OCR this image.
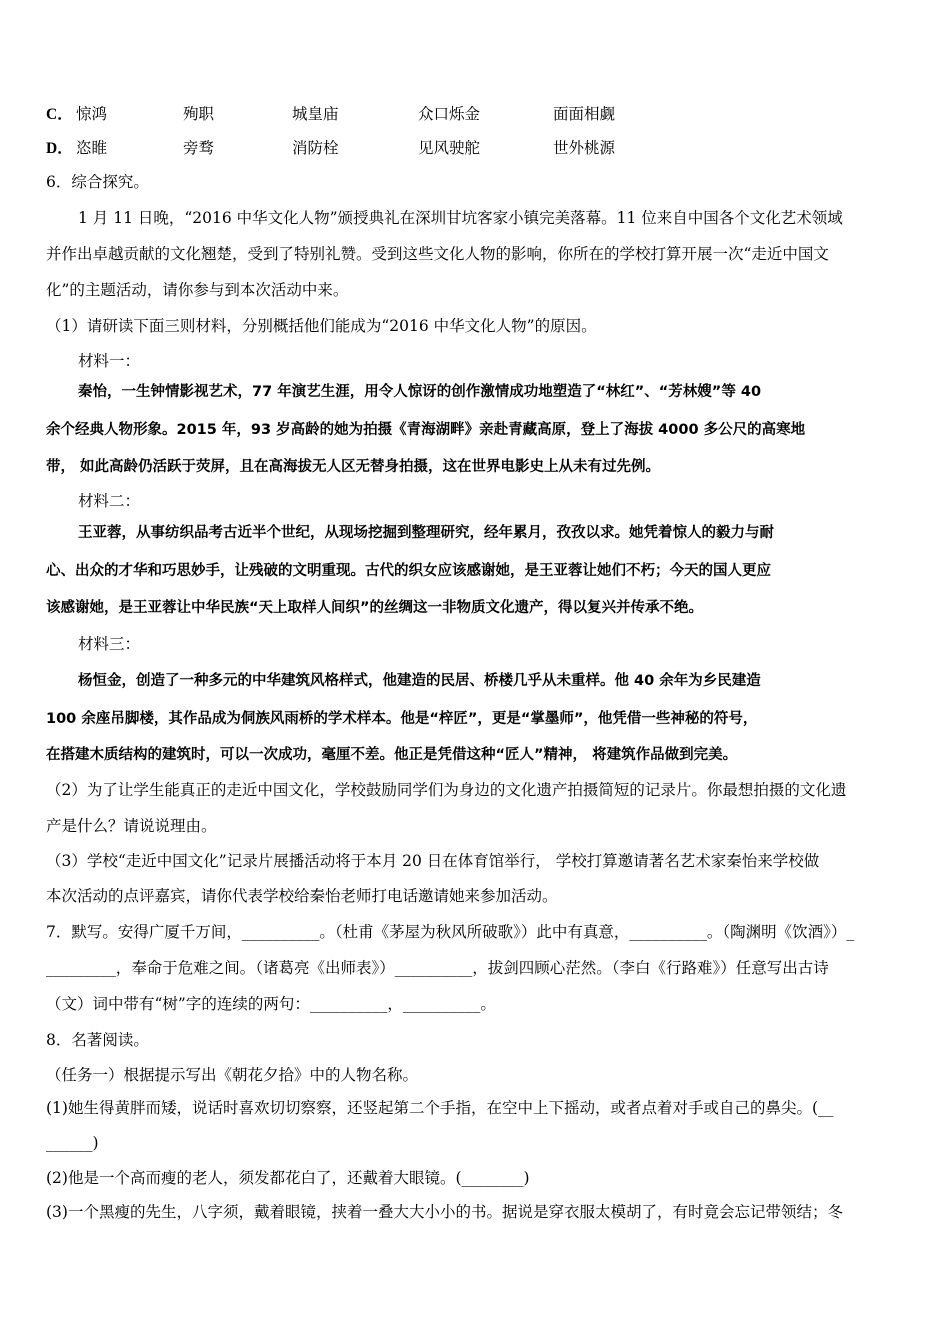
C． 惊鸿	殉职	城皇庙	众口烁金	面面相觑
D． 恣睢	旁骛	消防栓	见风驶舵	世外桃源
6．综合探究。
1 月 11 日晚，“2016 中华文化人物”颁授典礼在深圳甘坑客家小镇完美落幕。11 位来自中国各个文化艺术领域
并作出卓越贡献的文化翘楚，受到了特别礼赞。受到这些文化人物的影响，你所在的学校打算开展一次“走近中国文
化”的主题活动，请你参与到本次活动中来。
（1）请研读下面三则材料，分别概括他们能成为“2016 中华文化人物”的原因。
材料一：
秦怡，一生钟情影视艺术，77 年演艺生涯，用令人惊讶的创作激情成功地塑造了“林红”、“芳林嫂”等 40
余个经典人物形象。2015 年，93 岁高龄的她为拍摄《青海湖畔》亲赴青藏高原，登上了海拔 4000 多公尺的高寒地
带， 如此高龄仍活跃于荧屏，且在高海拔无人区无替身拍摄，这在世界电影史上从未有过先例。
材料二：
王亚蓉，从事纺织品考古近半个世纪，从现场挖掘到整理研究，经年累月，孜孜以求。她凭着惊人的毅力与耐
心、出众的才华和巧思妙手，让残破的文明重现。古代的织女应该感谢她，是王亚蓉让她们不朽；今天的国人更应
该感谢她，是王亚蓉让中华民族“天上取样人间织”的丝绸这一非物质文化遗产，得以复兴并传承不绝。
材料三：
杨恒金，创造了一种多元的中华建筑风格样式，他建造的民居、桥楼几乎从未重样。他 40 余年为乡民建造
100 余座吊脚楼，其作品成为侗族风雨桥的学术样本。他是“梓匠”，更是“掌墨师”，他凭借一些神秘的符号，
在搭建木质结构的建筑时，可以一次成功，毫厘不差。他正是凭借这种“匠人”精神， 将建筑作品做到完美。
（2）为了让学生能真正的走近中国文化，学校鼓励同学们为身边的文化遗产拍摄简短的记录片。你最想拍摄的文化遗
产是什么？请说说理由。
（3）学校“走近中国文化”记录片展播活动将于本月 20 日在体育馆举行， 学校打算邀请著名艺术家秦怡来学校做
本次活动的点评嘉宾，请你代表学校给秦怡老师打电话邀请她来参加活动。
7．默写。安得广厦千万间，__________。（杜甫《茅屋为秋风所破歌》）此中有真意，__________。（陶渊明《饮酒》）_
_________，奉命于危难之间。（诸葛亮《出师表》）__________，拔剑四顾心茫然。（李白《行路难》）任意写出古诗
（文）词中带有“树”字的连续的两句：__________，__________。
8．名著阅读。
（任务一）根据提示写出《朝花夕拾》中的人物名称。
(1)她生得黄胖而矮，说话时喜欢切切察察，还竖起第二个手指，在空中上下摇动，或者点着对手或自己的鼻尖。(__
______)
(2)他是一个高而瘦的老人，须发都花白了，还戴着大眼镜。(________)
(3)一个黑瘦的先生，八字须，戴着眼镜，挟着一叠大大小小的书。据说是穿衣服太模胡了，有时竟会忘记带领结；冬
